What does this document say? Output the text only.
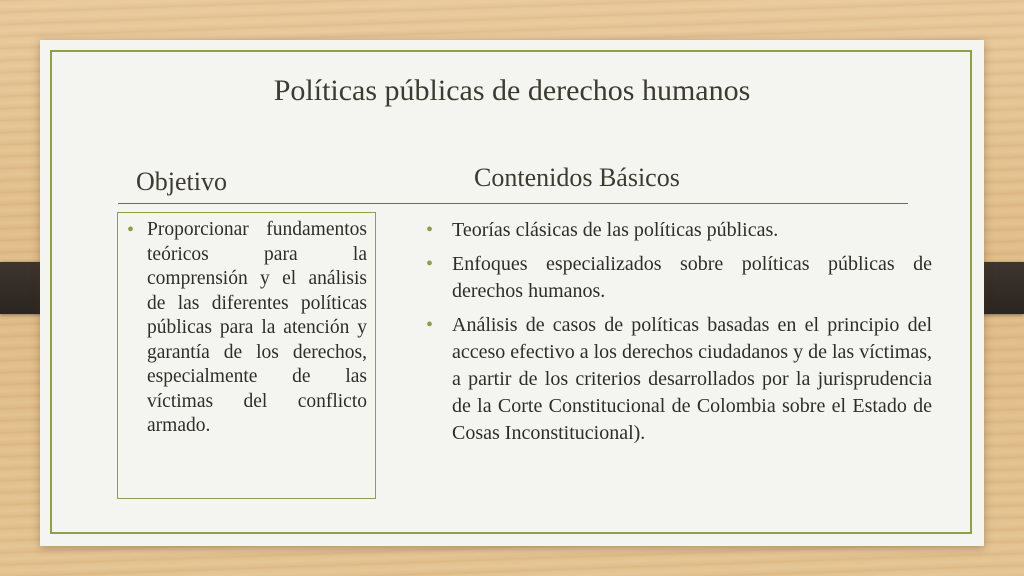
Políticas públicas de derechos humanos
Objetivo	Contenidos Básicos
• Proporcionar fundamentos teóricos para la comprensión y el análisis de las diferentes políticas públicas para la atención y garantía de los derechos, especialmente de las víctimas del conflicto armado.

• Teorías clásicas de las políticas públicas.
• Enfoques especializados sobre políticas públicas de derechos humanos.
• Análisis de casos de políticas basadas en el principio del acceso efectivo a los derechos ciudadanos y de las víctimas, a partir de los criterios desarrollados por la jurisprudencia de la Corte Constitucional de Colombia sobre el Estado de Cosas Inconstitucional).
